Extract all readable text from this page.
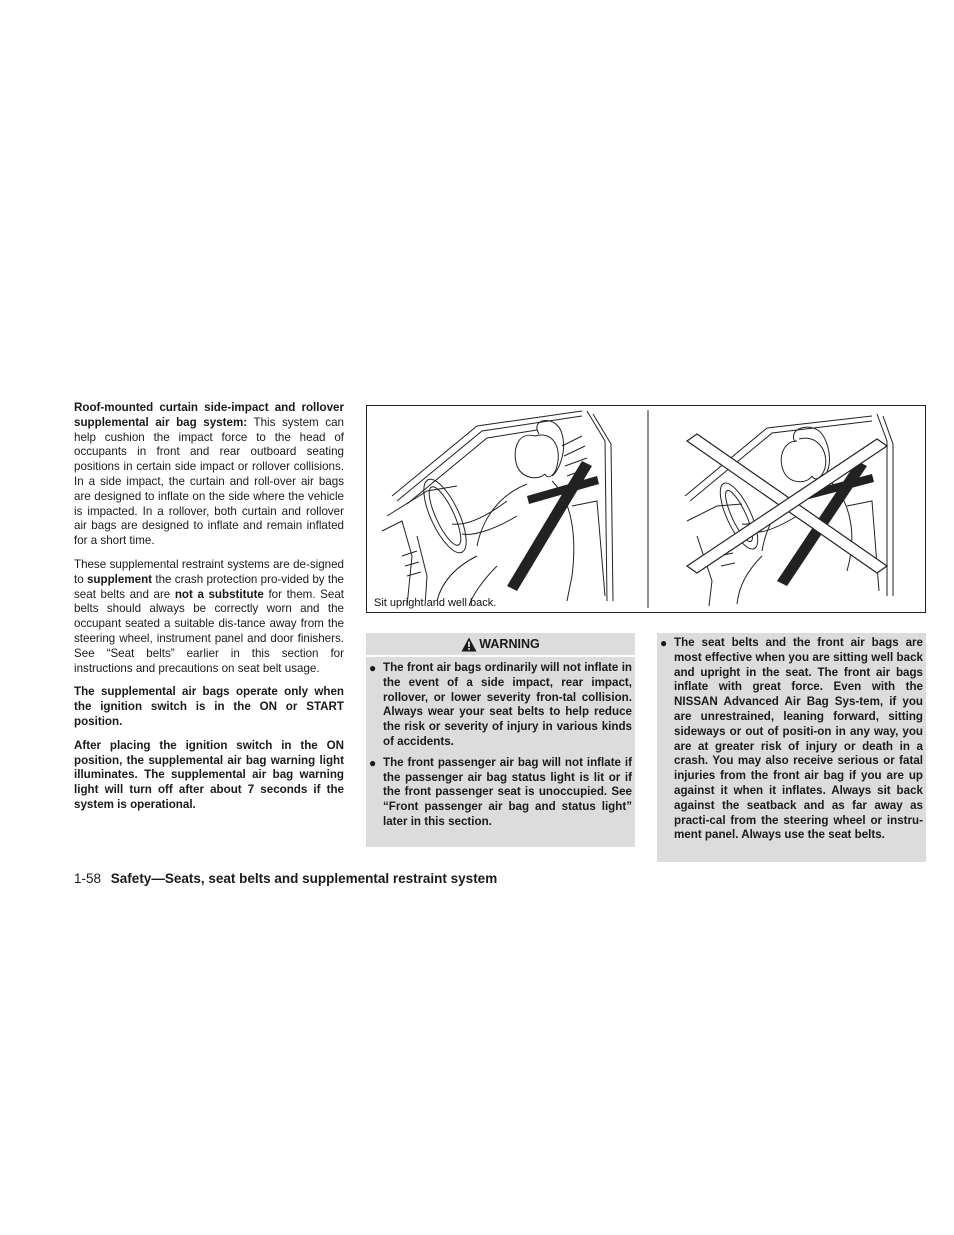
Roof-mounted curtain side-impact and rollover supplemental air bag system: This system can help cushion the impact force to the head of occupants in front and rear outboard seating positions in certain side impact or rollover collisions. In a side impact, the curtain and roll-over air bags are designed to inflate on the side where the vehicle is impacted. In a rollover, both curtain and rollover air bags are designed to inflate and remain inflated for a short time.

These supplemental restraint systems are de-signed to supplement the crash protection pro-vided by the seat belts and are not a substitute for them. Seat belts should always be correctly worn and the occupant seated a suitable dis-tance away from the steering wheel, instrument panel and door finishers. See “Seat belts” earlier in this section for instructions and precautions on seat belt usage.

The supplemental air bags operate only when the ignition switch is in the ON or START position.

After placing the ignition switch in the ON position, the supplemental air bag warning light illuminates. The supplemental air bag warning light will turn off after about 7 seconds if the system is operational.

Sit upright and well back.
WARNING
● The front air bags ordinarily will not inflate in the event of a side impact, rear impact, rollover, or lower severity fron-tal collision. Always wear your seat belts to help reduce the risk or severity of injury in various kinds of accidents.
● The front passenger air bag will not inflate if the passenger air bag status light is lit or if the front passenger seat is unoccupied. See “Front passenger air bag and status light” later in this section.
● The seat belts and the front air bags are most effective when you are sitting well back and upright in the seat. The front air bags inflate with great force. Even with the NISSAN Advanced Air Bag Sys-tem, if you are unrestrained, leaning forward, sitting sideways or out of positi-on in any way, you are at greater risk of injury or death in a crash. You may also receive serious or fatal injuries from the front air bag if you are up against it when it inflates. Always sit back against the seatback and as far away as practi-cal from the steering wheel or instru-ment panel. Always use the seat belts.
1-58 Safety—Seats, seat belts and supplemental restraint system
